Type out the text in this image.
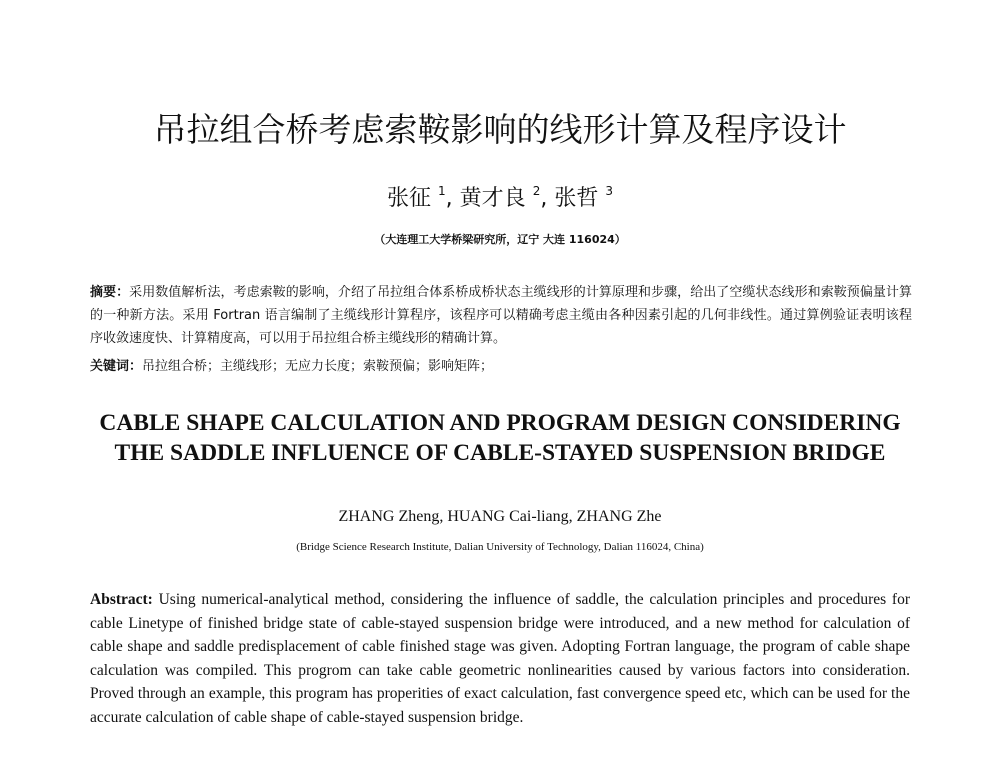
吊拉组合桥考虑索鞍影响的线形计算及程序设计

张征 $^1$, 黄才良 $^2$, 张哲 $^3$

（大连理工大学桥梁研究所，辽宁 大连 116024）

摘要：采用数值解析法，考虑索鞍的影响，介绍了吊拉组合体系桥成桥状态主缆线形的计算原理和步骤，给出了空缆状态线形和索鞍预偏量计算的一种新方法。采用 Fortran 语言编制了主缆线形计算程序，该程序可以精确考虑主缆由各种因素引起的几何非线性。通过算例验证表明该程序收敛速度快、计算精度高，可以用于吊拉组合桥主缆线形的精确计算。

关键词：吊拉组合桥；主缆线形；无应力长度；索鞍预偏；影响矩阵；

CABLE SHAPE CALCULATION AND PROGRAM DESIGN CONSIDERING
THE SADDLE INFLUENCE OF CABLE-STAYED SUSPENSION BRIDGE

ZHANG Zheng, HUANG Cai-liang, ZHANG Zhe

(Bridge Science Research Institute, Dalian University of Technology, Dalian 116024, China)

Abstract: Using numerical-analytical method, considering the influence of saddle, the calculation principles and procedures for cable Linetype of finished bridge state of cable-stayed suspension bridge were introduced, and a new method for calculation of cable shape and saddle predisplacement of cable finished stage was given. Adopting Fortran language, the program of cable shape calculation was compiled. This progrom can take cable geometric nonlinearities caused by various factors into consideration. Proved through an example, this program has properities of exact calculation, fast convergence speed etc, which can be used for the accurate calculation of cable shape of cable-stayed suspension bridge.
